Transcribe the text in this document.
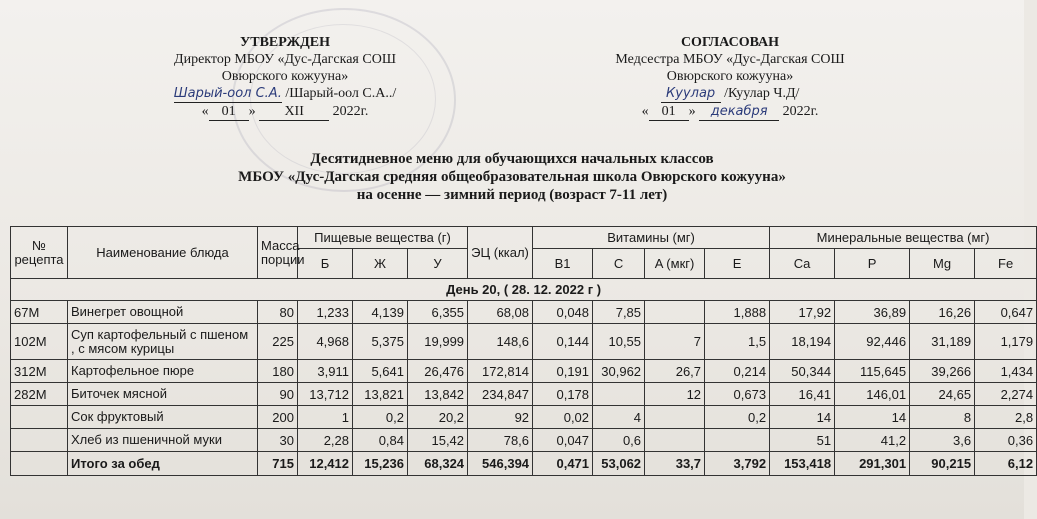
УТВЕРЖДЕН
Директор МБОУ «Дус-Дагская СОШ
Овюрского кожууна»
Шарый-оол С.А. /Шарый-оол С.А../
« 01 » XII 2022г.
СОГЛАСОВАН
Медсестра МБОУ «Дус-Дагская СОШ
Овюрского кожууна»
Куулар /Куулар Ч.Д/
« 01 » декабря 2022г.
Десятидневное меню для обучающихся начальных классов
МБОУ «Дус-Дагская средняя общеобразовательная школа Овюрского кожууна»
на осенне — зимний период (возраст 7-11 лет)
№ рецепта	Наименование блюда	Масса порции	Пищевые вещества (г)			ЭЦ (ккал)	Витамины (мг)				Минеральные вещества (мг)			
			Б	Ж	У		B1	C	A (мкг)	E	Ca	P	Mg	Fe
День 20, ( 28. 12. 2022 г )														
67М	Винегрет овощной	80	1,233	4,139	6,355	68,08	0,048	7,85		1,888	17,92	36,89	16,26	0,647
102М	Суп картофельный с пшеном , с мясом курицы	225	4,968	5,375	19,999	148,6	0,144	10,55	7	1,5	18,194	92,446	31,189	1,179
312М	Картофельное пюре	180	3,911	5,641	26,476	172,814	0,191	30,962	26,7	0,214	50,344	115,645	39,266	1,434
282М	Биточек мясной	90	13,712	13,821	13,842	234,847	0,178		12	0,673	16,41	146,01	24,65	2,274
	Сок фруктовый	200	1	0,2	20,2	92	0,02	4		0,2	14	14	8	2,8
	Хлеб из пшеничной муки	30	2,28	0,84	15,42	78,6	0,047	0,6			51	41,2	3,6	0,36
	Итого за обед	715	12,412	15,236	68,324	546,394	0,471	53,062	33,7	3,792	153,418	291,301	90,215	6,12
